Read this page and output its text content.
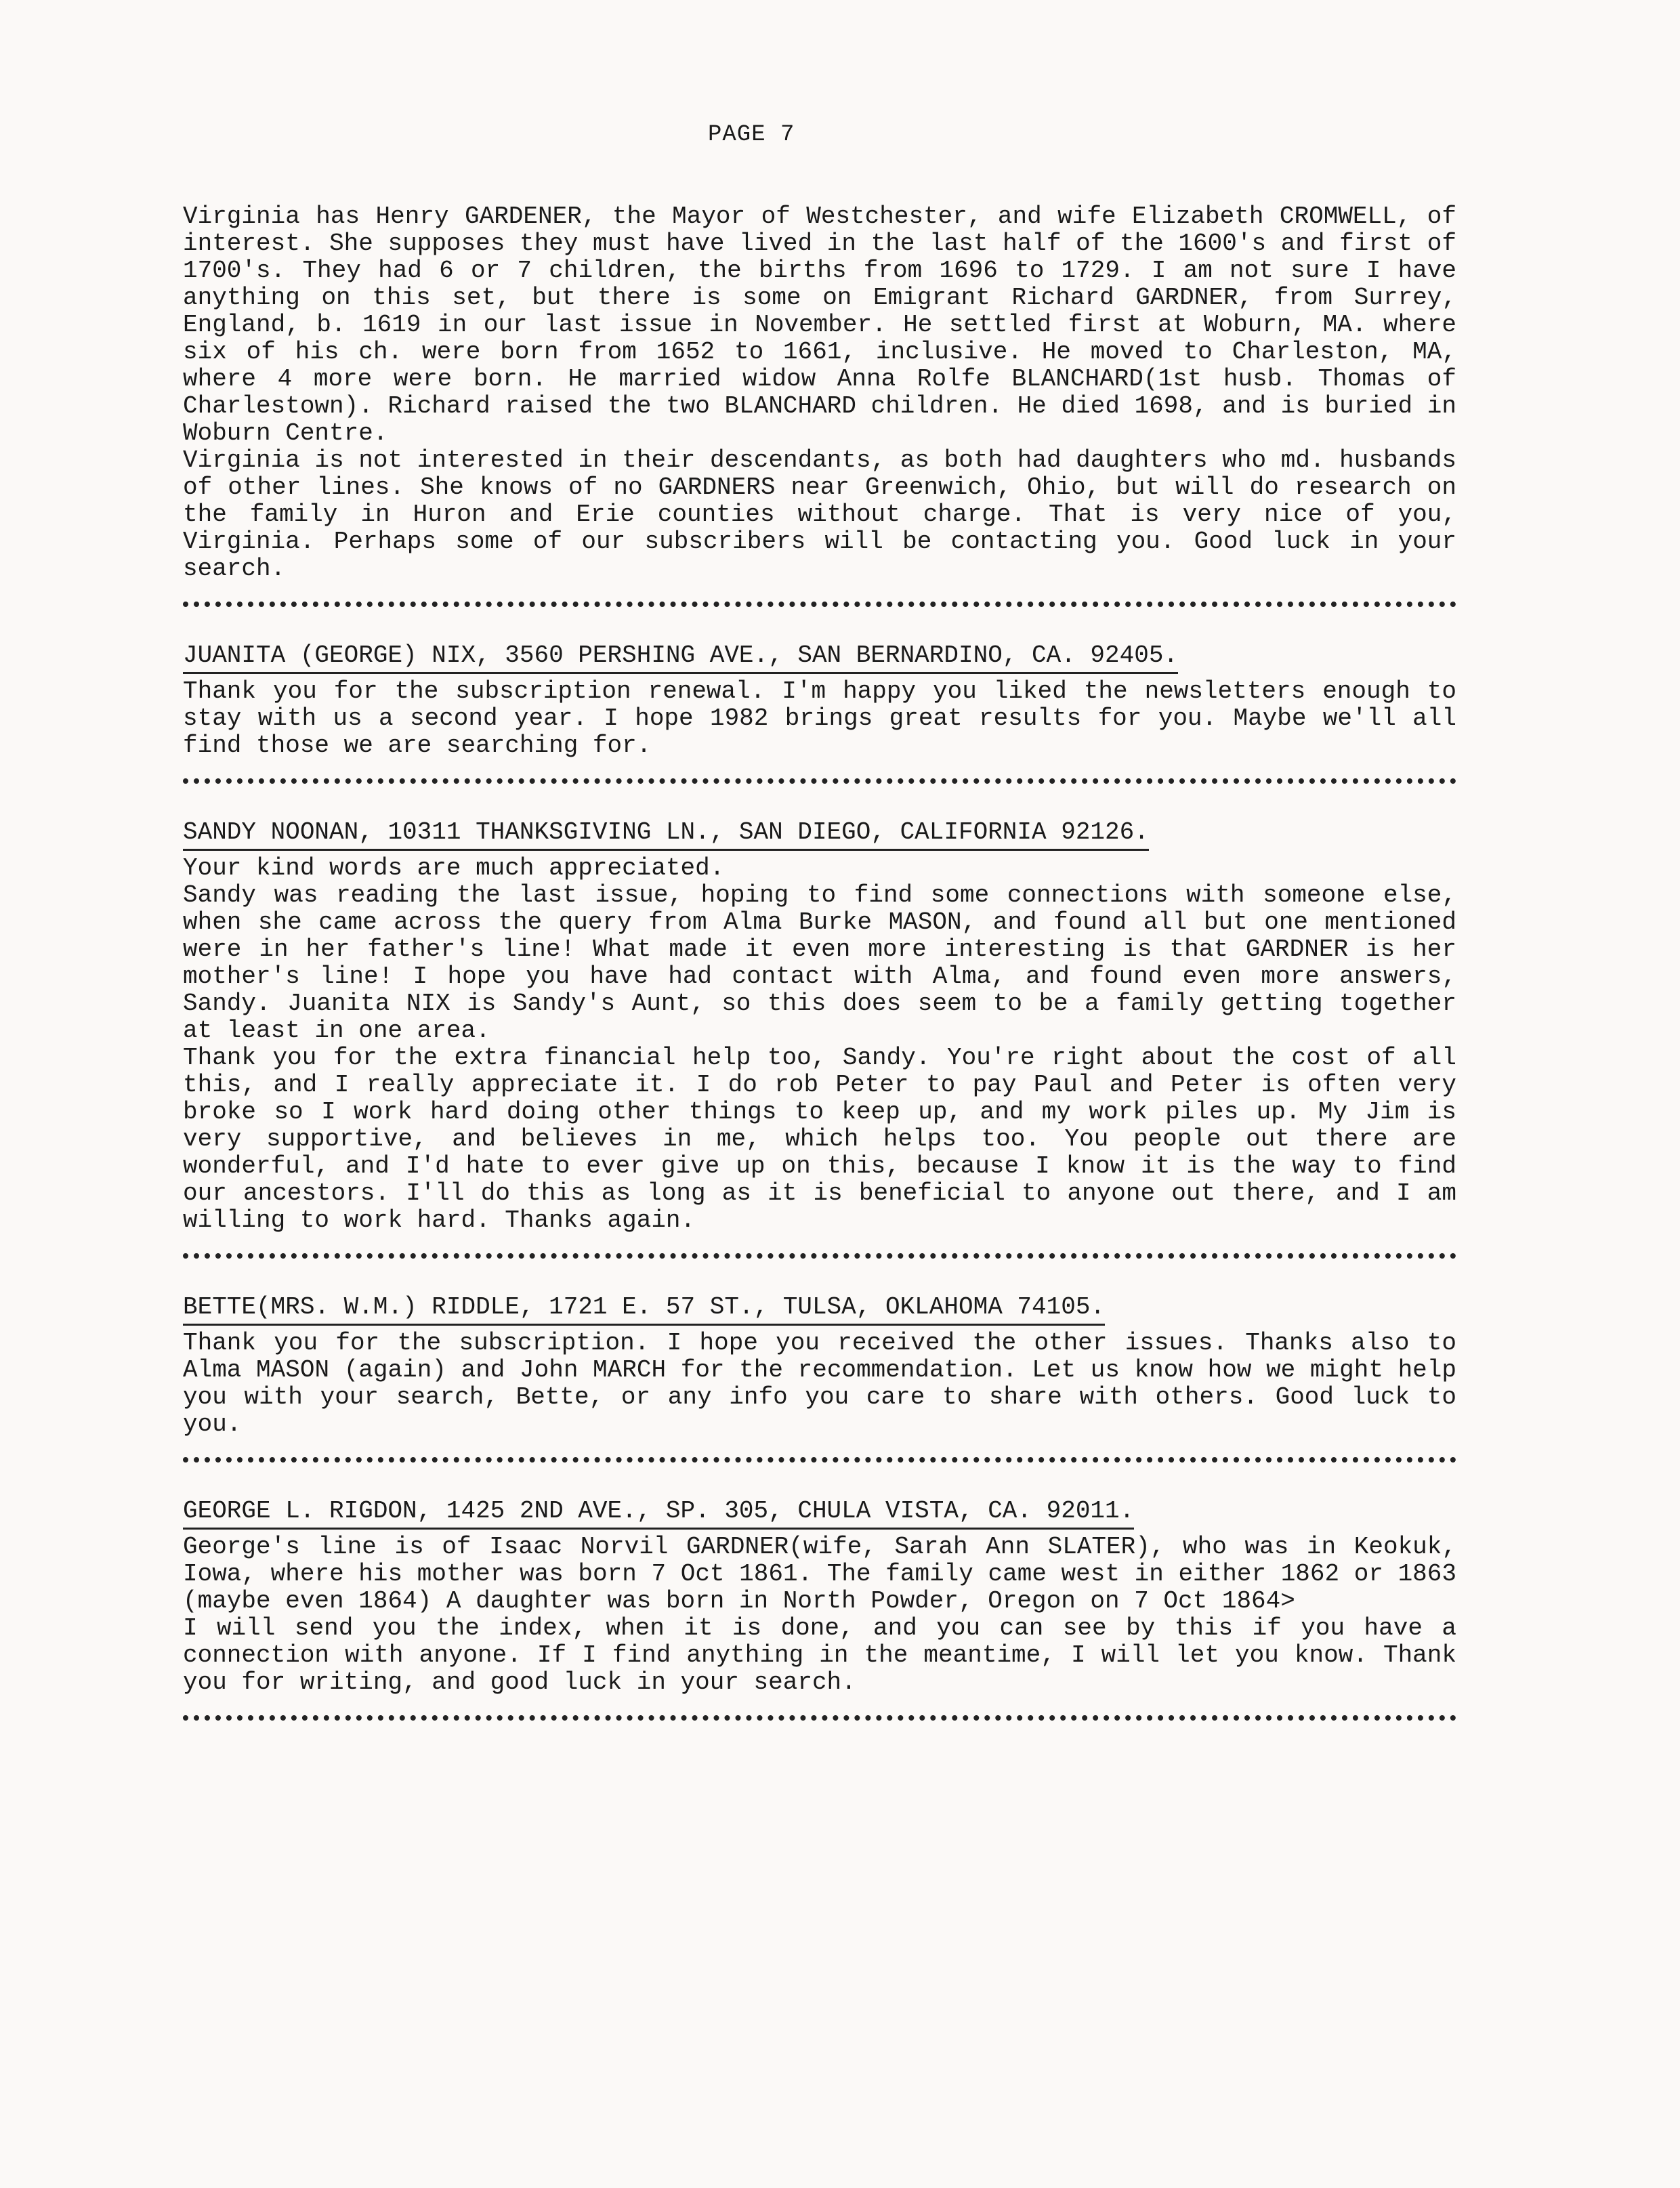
PAGE 7

Virginia has Henry GARDENER, the Mayor of Westchester, and wife Elizabeth CROMWELL, of interest. She supposes they must have lived in the last half of the 1600's and first of 1700's. They had 6 or 7 children, the births from 1696 to 1729. I am not sure I have anything on this set, but there is some on Emigrant Richard GARDNER, from Surrey, England, b. 1619 in our last issue in November. He settled first at Woburn, MA. where six of his ch. were born from 1652 to 1661, inclusive. He moved to Charleston, MA, where 4 more were born. He married widow Anna Rolfe BLANCHARD(1st husb. Thomas of Charlestown). Richard raised the two BLANCHARD children. He died 1698, and is buried in Woburn Centre.

Virginia is not interested in their descendants, as both had daughters who md. husbands of other lines. She knows of no GARDNERS near Greenwich, Ohio, but will do research on the family in Huron and Erie counties without charge. That is very nice of you, Virginia. Perhaps some of our subscribers will be contacting you. Good luck in your search.

JUANITA (GEORGE) NIX, 3560 PERSHING AVE., SAN BERNARDINO, CA. 92405.

Thank you for the subscription renewal. I'm happy you liked the newsletters enough to stay with us a second year. I hope 1982 brings great results for you. Maybe we'll all find those we are searching for.

SANDY NOONAN, 10311 THANKSGIVING LN., SAN DIEGO, CALIFORNIA 92126.

Your kind words are much appreciated.

Sandy was reading the last issue, hoping to find some connections with someone else, when she came across the query from Alma Burke MASON, and found all but one mentioned were in her father's line! What made it even more interesting is that GARDNER is her mother's line! I hope you have had contact with Alma, and found even more answers, Sandy. Juanita NIX is Sandy's Aunt, so this does seem to be a family getting together at least in one area.

Thank you for the extra financial help too, Sandy. You're right about the cost of all this, and I really appreciate it. I do rob Peter to pay Paul and Peter is often very broke so I work hard doing other things to keep up, and my work piles up. My Jim is very supportive, and believes in me, which helps too. You people out there are wonderful, and I'd hate to ever give up on this, because I know it is the way to find our ancestors. I'll do this as long as it is beneficial to anyone out there, and I am willing to work hard. Thanks again.

BETTE(MRS. W.M.) RIDDLE, 1721 E. 57 ST., TULSA, OKLAHOMA 74105.

Thank you for the subscription. I hope you received the other issues. Thanks also to Alma MASON (again) and John MARCH for the recommendation. Let us know how we might help you with your search, Bette, or any info you care to share with others. Good luck to you.

GEORGE L. RIGDON, 1425 2ND AVE., SP. 305, CHULA VISTA, CA. 92011.

George's line is of Isaac Norvil GARDNER(wife, Sarah Ann SLATER), who was in Keokuk, Iowa, where his mother was born 7 Oct 1861. The family came west in either 1862 or 1863 (maybe even 1864) A daughter was born in North Powder, Oregon on 7 Oct 1864>

I will send you the index, when it is done, and you can see by this if you have a connection with anyone. If I find anything in the meantime, I will let you know. Thank you for writing, and good luck in your search.
